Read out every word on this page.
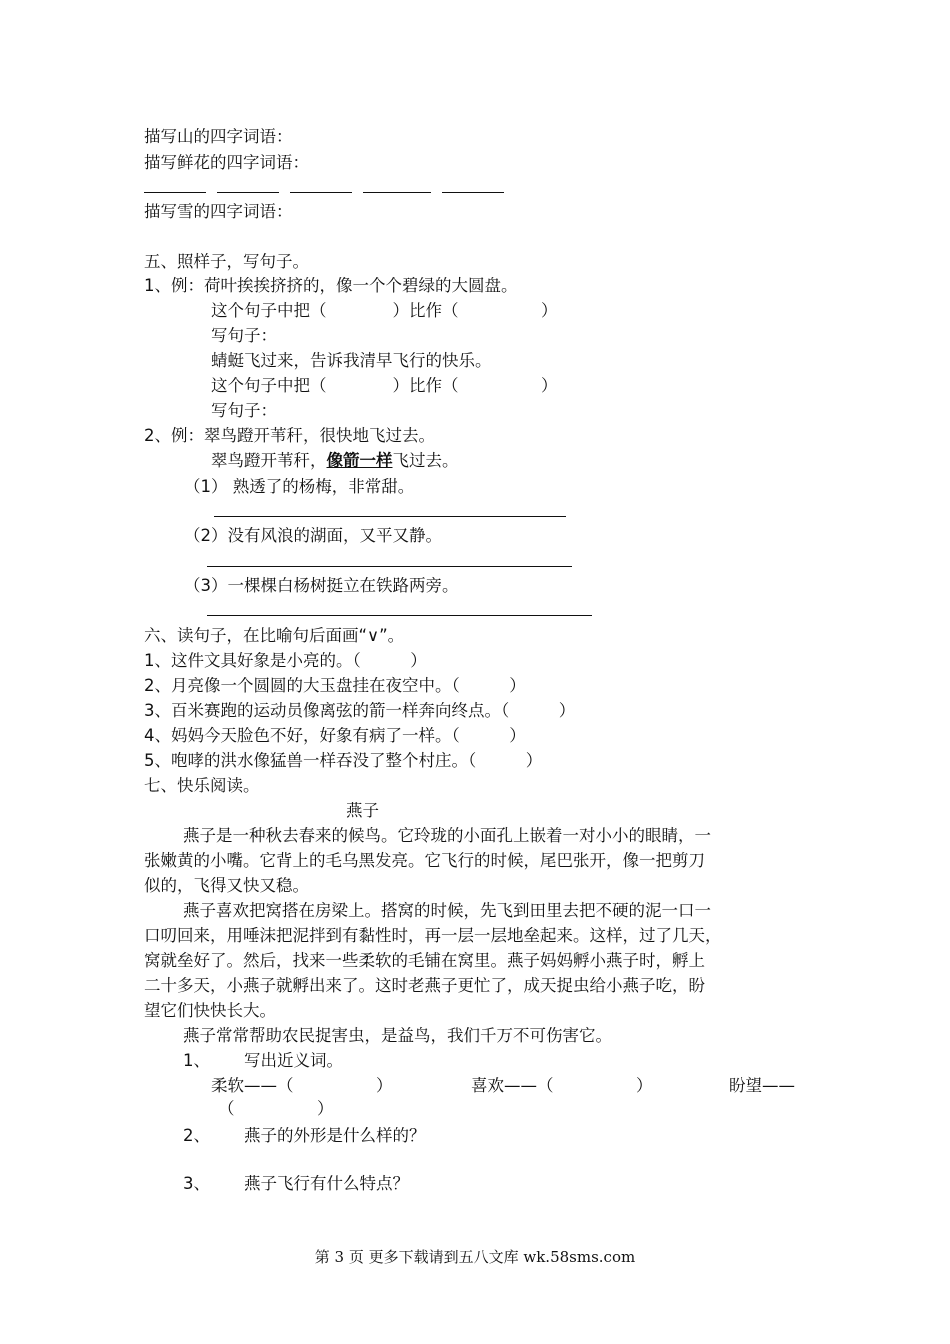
描写山的四字词语：
描写鲜花的四字词语：
描写雪的四字词语：
五、照样子，写句子。
1、例：荷叶挨挨挤挤的，像一个个碧绿的大圆盘。
这个句子中把（　　　　）比作（　　　　　）
写句子：
蜻蜓飞过来，告诉我清早飞行的快乐。
这个句子中把（　　　　）比作（　　　　　）
写句子：
2、例：翠鸟蹬开苇秆，很快地飞过去。
翠鸟蹬开苇秆，像箭一样飞过去。
（1） 熟透了的杨梅，非常甜。
（2）没有风浪的湖面，又平又静。
（3）一棵棵白杨树挺立在铁路两旁。
六、读句子，在比喻句后面画“∨”。
1、这件文具好象是小亮的。（　　　）
2、月亮像一个圆圆的大玉盘挂在夜空中。（　　　）
3、百米赛跑的运动员像离弦的箭一样奔向终点。（　　　）
4、妈妈今天脸色不好，好象有病了一样。（　　　）
5、咆哮的洪水像猛兽一样吞没了整个村庄。（　　　）
七、快乐阅读。
燕子
燕子是一种秋去春来的候鸟。它玲珑的小面孔上嵌着一对小小的眼睛，一
张嫩黄的小嘴。它背上的毛乌黑发亮。它飞行的时候，尾巴张开，像一把剪刀
似的，飞得又快又稳。
燕子喜欢把窝搭在房梁上。搭窝的时候，先飞到田里去把不硬的泥一口一
口叨回来，用唾沫把泥拌到有黏性时，再一层一层地垒起来。这样，过了几天，
窝就垒好了。然后，找来一些柔软的毛铺在窝里。燕子妈妈孵小燕子时，孵上
二十多天，小燕子就孵出来了。这时老燕子更忙了，成天捉虫给小燕子吃，盼
望它们快快长大。
燕子常常帮助农民捉害虫，是益鸟，我们千万不可伤害它。
1、 写出近义词。
柔软——（　　　　　）	喜欢——（　　　　　）	盼望——
（　　　　　）
2、 燕子的外形是什么样的？
3、 燕子飞行有什么特点？
第 3 页 更多下载请到五八文库 wk.58sms.com
